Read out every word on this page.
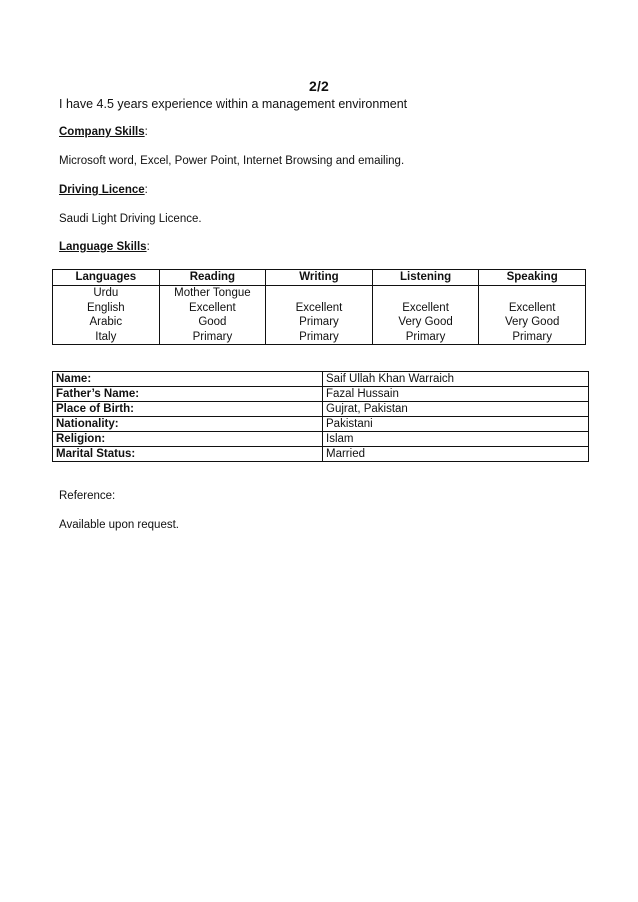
2/2
I have 4.5 years experience within a management environment
Company Skills:
Microsoft word, Excel, Power Point, Internet Browsing and emailing.
Driving Licence:
Saudi Light Driving Licence.
Language Skills:
Languages	Reading	Writing	Listening	Speaking
Urdu	Mother Tongue			
English	Excellent	Excellent	Excellent	Excellent
Arabic	Good	Primary	Very Good	Very Good
Italy	Primary	Primary	Primary	Primary
Name:	Saif Ullah Khan Warraich
Father’s Name:	Fazal Hussain
Place of Birth:	Gujrat, Pakistan
Nationality:	Pakistani
Religion:	Islam
Marital Status:	Married
Reference:
Available upon request.
